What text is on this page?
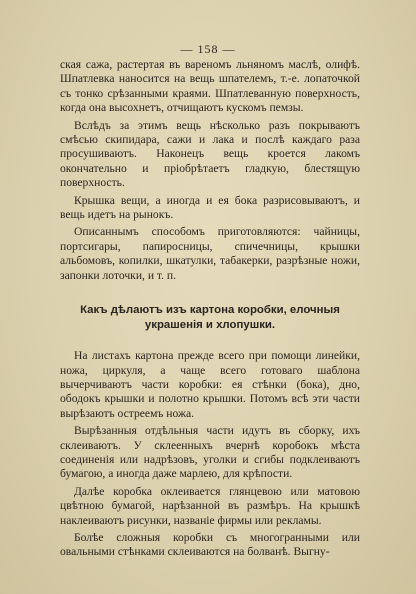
— 158 —

ская сажа, растертая въ вареномъ льняномъ маслѣ, олифѣ. Шпатлевка наносится на вещь шпателемъ, т.-е. лопаточкой съ тонко срѣзанными краями. Шпатлеванную поверхность, когда она высохнетъ, отчищаютъ кускомъ пемзы.

Вслѣдъ за этимъ вещь нѣсколько разъ покрываютъ смѣсью скипидара, сажи и лака и послѣ каждаго раза просушиваютъ. Наконецъ вещь кроется лакомъ окончательно и пріобрѣтаетъ гладкую, блестящую поверхность.

Крышка вещи, а иногда и ея бока разрисовываютъ, и вещь идетъ на рынокъ.

Описаннымъ способомъ приготовляются: чайницы, портсигары, папиросницы, спичечницы, крышки альбомовъ, копилки, шкатулки, табакерки, разрѣзные ножи, запонки лоточки, и т. п.

Какъ дѣлаютъ изъ картона коробки, елочныя украшенія и хлопушки.

На листахъ картона прежде всего при помощи линейки, ножа, циркуля, а чаще всего готоваго шаблона вычерчиваютъ части коробки: ея стѣнки (бока), дно, ободокъ крышки и полотно крышки. Потомъ всѣ эти части вырѣзаютъ остреемъ ножа.

Вырѣзанныя отдѣльныя части идутъ въ сборку, ихъ склеиваютъ. У склеенныхъ вчернѣ коробокъ мѣста соединенія или надрѣзовъ, уголки и сгибы подклеиваютъ бумагою, а иногда даже марлею, для крѣпости.

Далѣе коробка оклеивается глянцевою или матовою цвѣтною бумагой, нарѣзанной въ размѣръ. На крышкѣ наклеиваютъ рисунки, названіе фирмы или рекламы.

Болѣе сложныя коробки съ многогранными или овальными стѣнками склеиваются на болванѣ. Выгну-
